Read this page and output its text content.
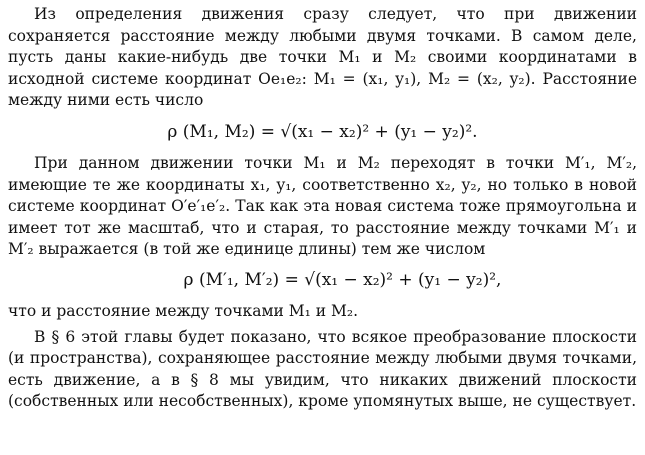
Из определения движения сразу следует, что при движении сохраняется расстояние между любыми двумя точками. В самом деле, пусть даны какие-нибудь две точки M₁ и M₂ своими координатами в исходной системе координат Oe₁e₂: M₁ = (x₁, y₁), M₂ = (x₂, y₂). Расстояние между ними есть число

ρ (M₁, M₂) = √(x₁ − x₂)² + (y₁ − y₂)².

При данном движении точки M₁ и M₂ переходят в точки M′₁, M′₂, имеющие те же координаты x₁, y₁, соответственно x₂, y₂, но только в новой системе координат O′e′₁e′₂. Так как эта новая система тоже прямоугольна и имеет тот же масштаб, что и старая, то расстояние между точками M′₁ и M′₂ выражается (в той же единице длины) тем же числом

ρ (M′₁, M′₂) = √(x₁ − x₂)² + (y₁ − y₂)²,

что и расстояние между точками M₁ и M₂.

В § 6 этой главы будет показано, что всякое преобразование плоскости (и пространства), сохраняющее расстояние между любыми двумя точками, есть движение, а в § 8 мы увидим, что никаких движений плоскости (собственных или несобственных), кроме упомянутых выше, не существует.
